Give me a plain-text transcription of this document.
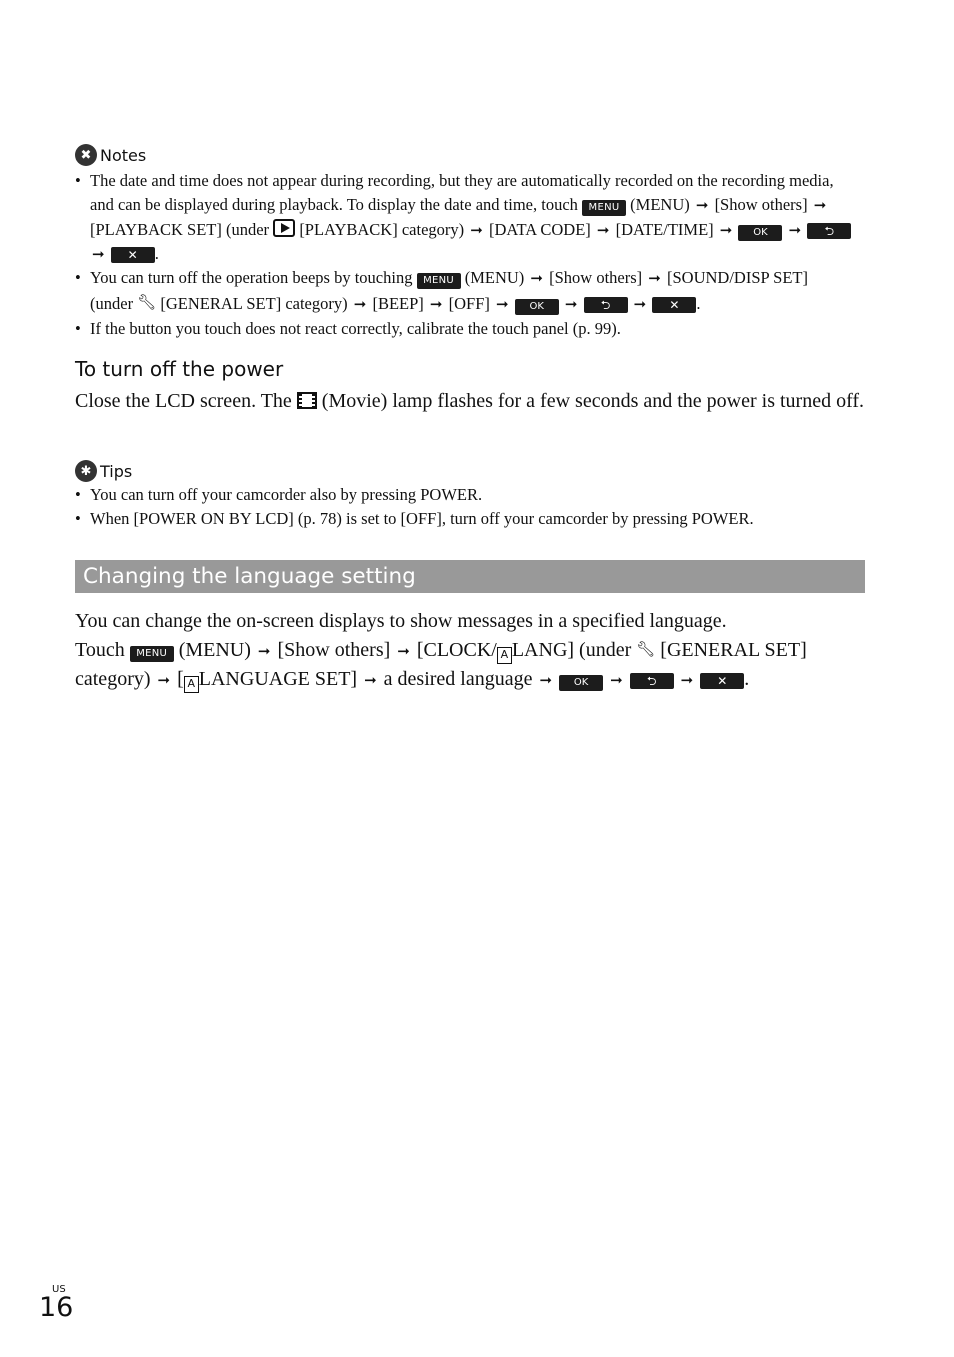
✖ Notes
• The date and time does not appear during recording, but they are automatically recorded on the recording media, and can be displayed during playback. To display the date and time, touch MENU (MENU) ➞ [Show others] ➞ [PLAYBACK SET] (under [PLAYBACK] category) ➞ [DATA CODE] ➞ [DATE/TIME] ➞ OK ➞ ⮌ ➞ ✕ .
• You can turn off the operation beeps by touching MENU (MENU) ➞ [Show others] ➞ [SOUND/DISP SET] (under 🔧︎ [GENERAL SET] category) ➞ [BEEP] ➞ [OFF] ➞ OK ➞ ⮌ ➞ ✕ .
• If the button you touch does not react correctly, calibrate the touch panel (p. 99).
To turn off the power
Close the LCD screen. The (Movie) lamp flashes for a few seconds and the power is turned off.
✱ Tips
• You can turn off your camcorder also by pressing POWER.
• When [POWER ON BY LCD] (p. 78) is set to [OFF], turn off your camcorder by pressing POWER.
Changing the language setting
You can change the on-screen displays to show messages in a specified language.
Touch MENU (MENU) ➞ [Show others] ➞ [CLOCK/ A LANG] (under 🔧︎ [GENERAL SET] category) ➞ [ A LANGUAGE SET] ➞ a desired language ➞ OK ➞ ⮌ ➞ ✕ .
US
16
